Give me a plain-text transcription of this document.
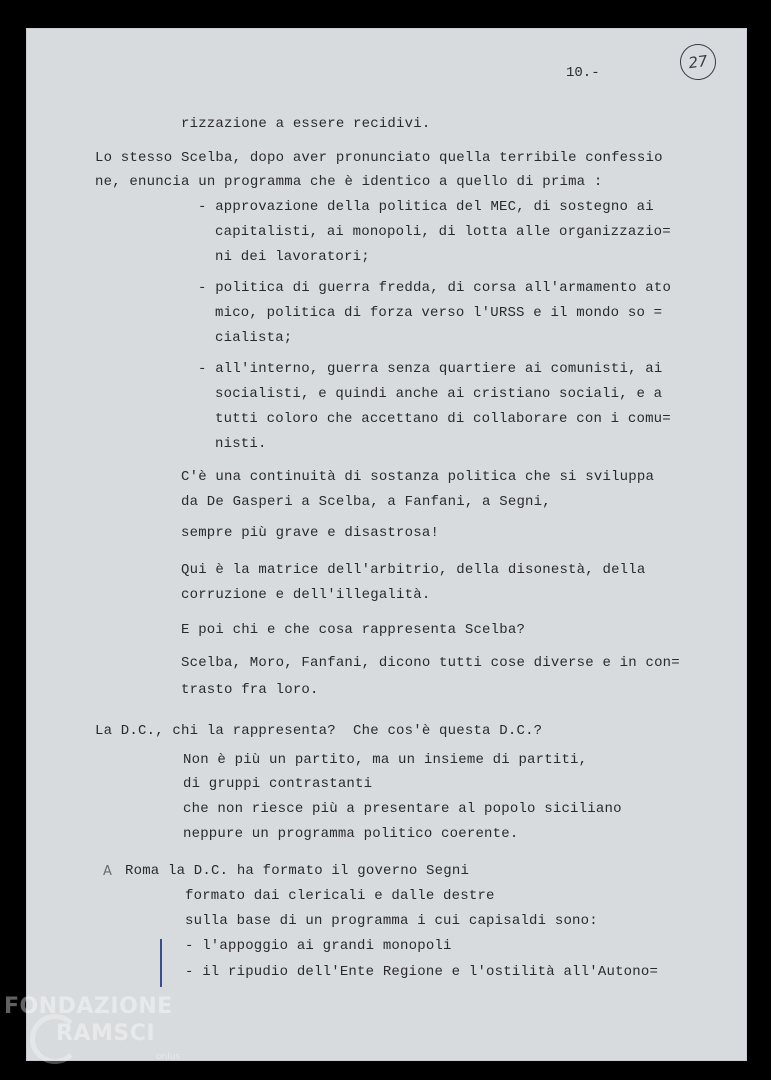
10.-
27
rizzazione a essere recidivi.
Lo stesso Scelba, dopo aver pronunciato quella terribile confessio
ne, enuncia un programma che è identico a quello di prima :
- approvazione della politica del MEC, di sostegno ai
capitalisti, ai monopoli, di lotta alle organizzazio=
ni dei lavoratori;
- politica di guerra fredda, di corsa all'armamento ato
mico, politica di forza verso l'URSS e il mondo so =
cialista;
- all'interno, guerra senza quartiere ai comunisti, ai
socialisti, e quindi anche ai cristiano sociali, e a
tutti coloro che accettano di collaborare con i comu=
nisti.
C'è una continuità di sostanza politica che si sviluppa
da De Gasperi a Scelba, a Fanfani, a Segni,
sempre più grave e disastrosa!
Qui è la matrice dell'arbitrio, della disonestà, della
corruzione e dell'illegalità.
E poi chi e che cosa rappresenta Scelba?
Scelba, Moro, Fanfani, dicono tutti cose diverse e in con=
trasto fra loro.
La D.C., chi la rappresenta?  Che cos'è questa D.C.?
Non è più un partito, ma un insieme di partiti,
di gruppi contrastanti
che non riesce più a presentare al popolo siciliano
neppure un programma politico coerente.
A Roma la D.C. ha formato il governo Segni
formato dai clericali e dalle destre
sulla base di un programma i cui capisaldi sono:
- l'appoggio ai grandi monopoli
- il ripudio dell'Ente Regione e l'ostilità all'Autono=
FONDAZIONE
RAMSCI
onlus
